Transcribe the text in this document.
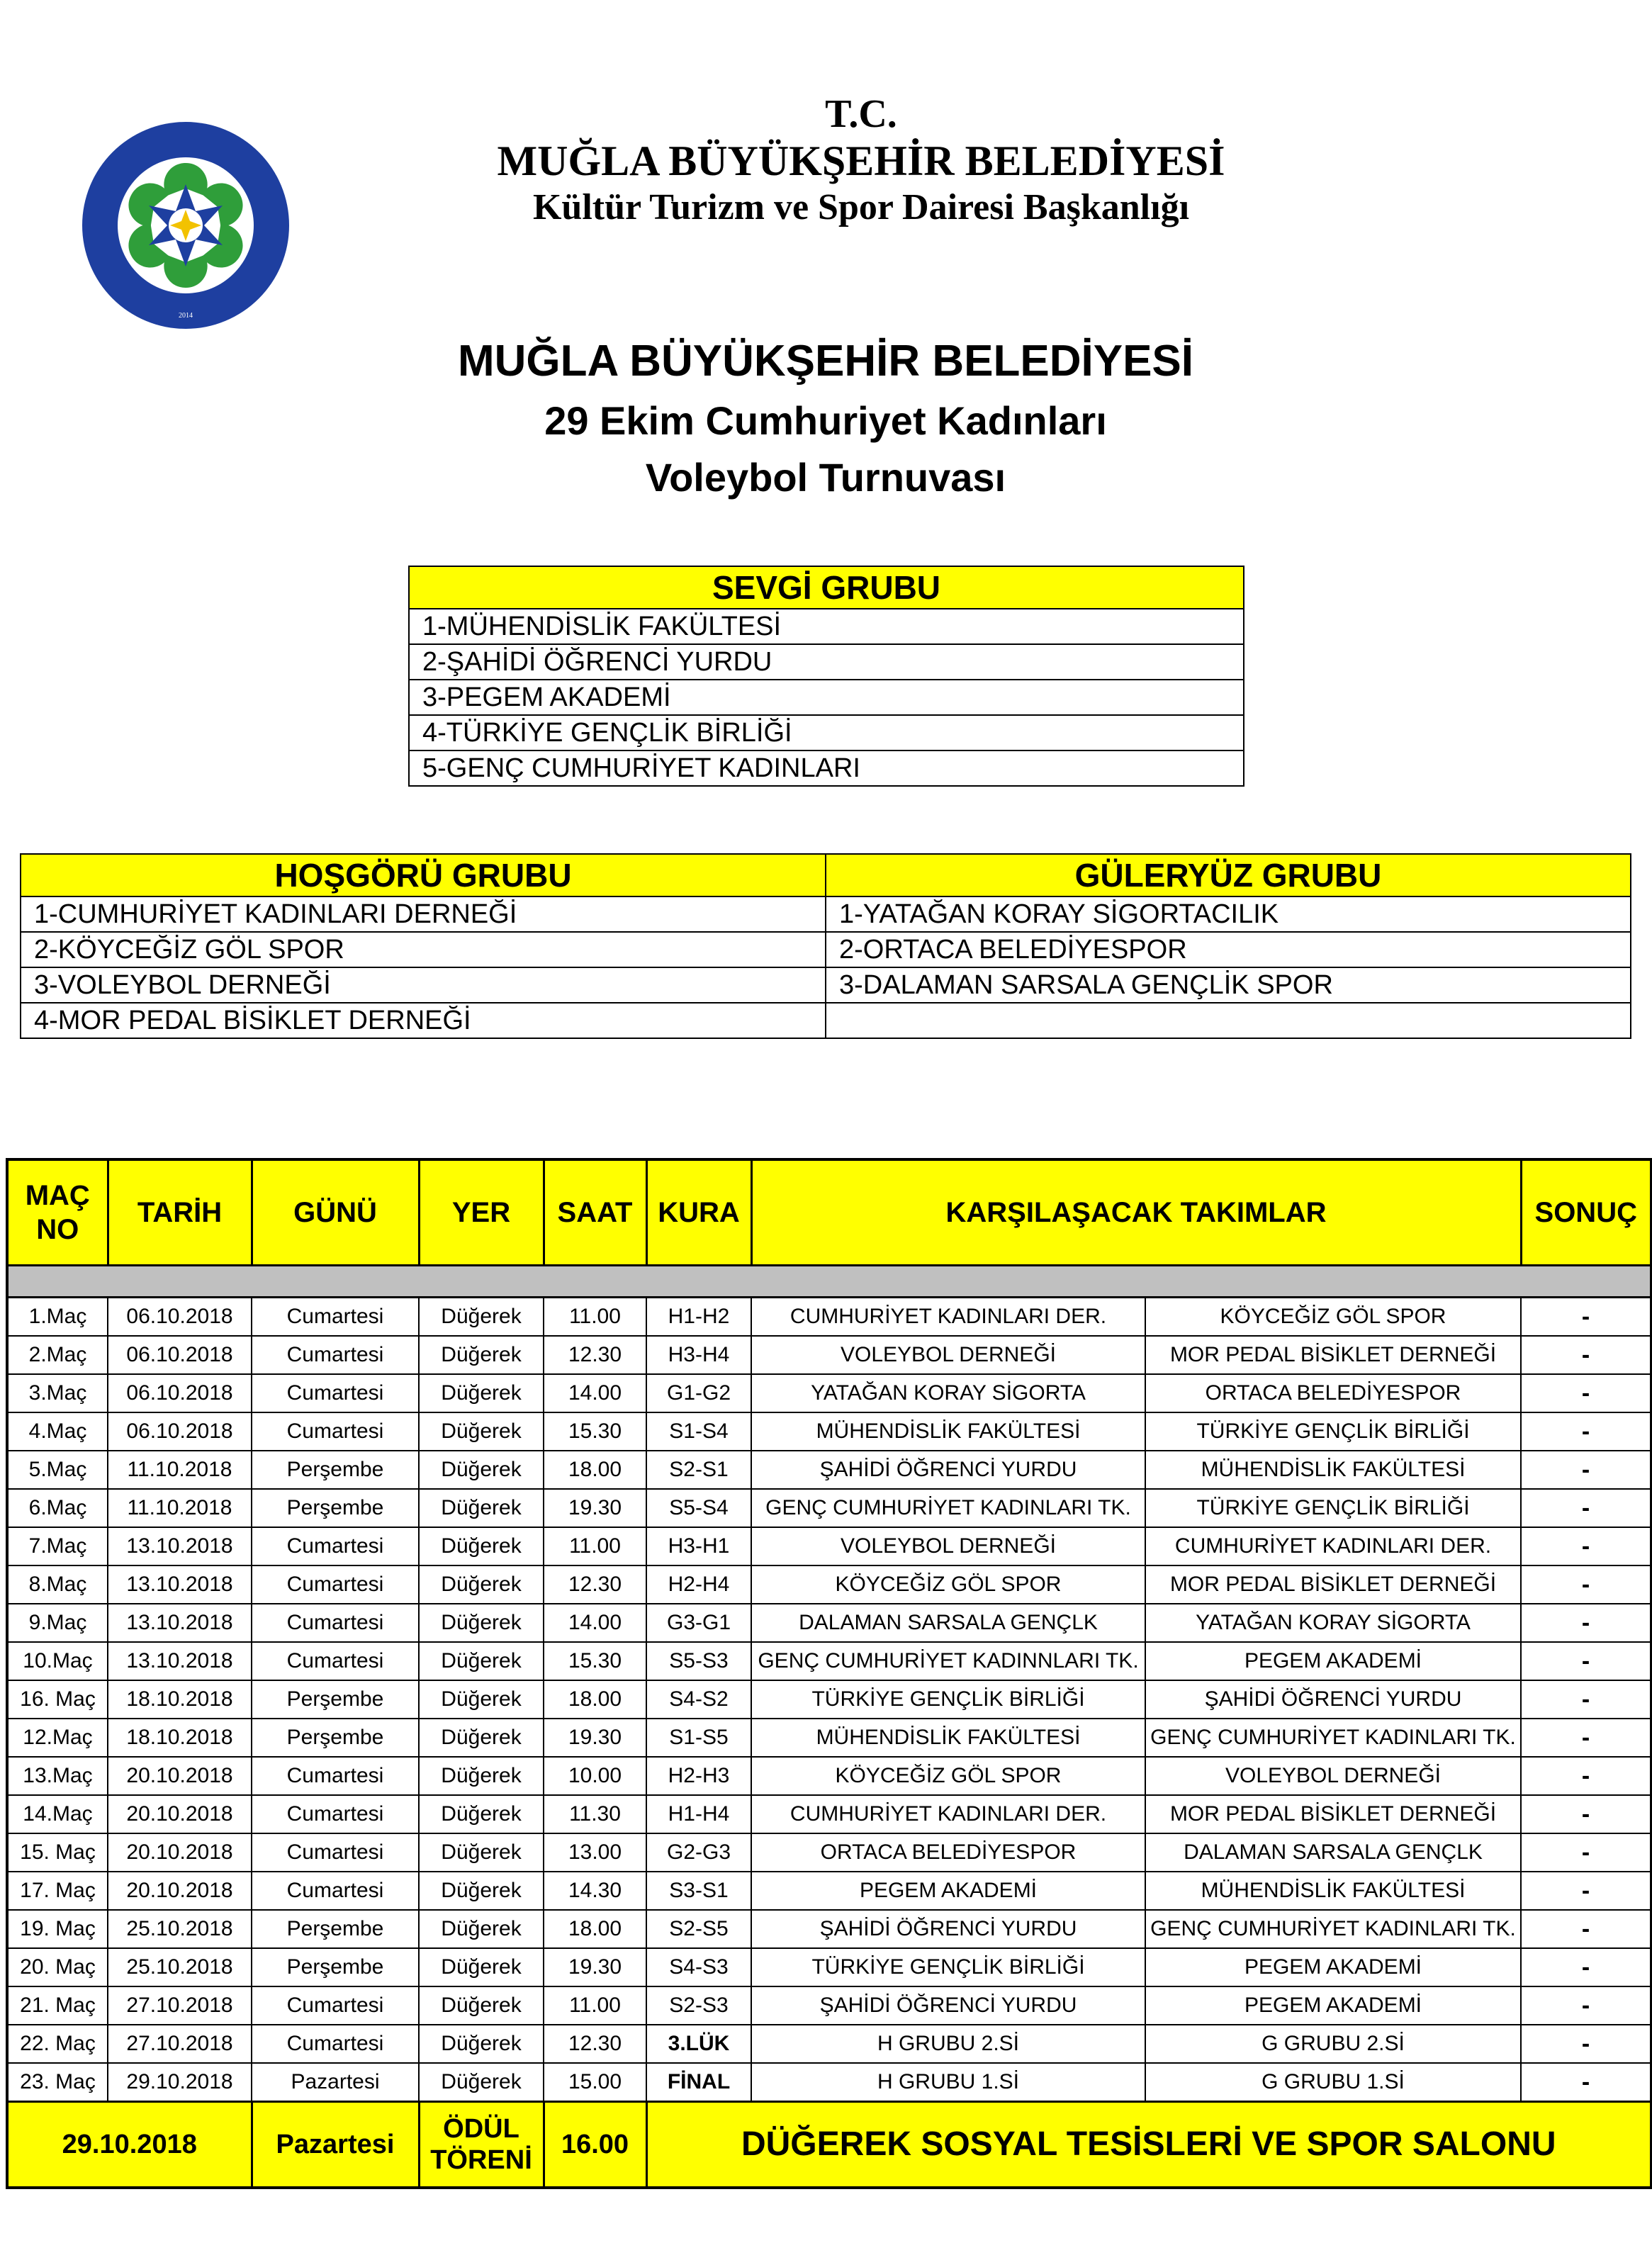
2014
T.C.
MUĞLA BÜYÜKŞEHİR BELEDİYESİ
Kültür Turizm ve Spor Dairesi Başkanlığı
MUĞLA BÜYÜKŞEHİR BELEDİYESİ
29 Ekim Cumhuriyet Kadınları
Voleybol Turnuvası
SEVGİ GRUBU
1-MÜHENDİSLİK FAKÜLTESİ
2-ŞAHİDİ ÖĞRENCİ YURDU
3-PEGEM AKADEMİ
4-TÜRKİYE GENÇLİK BİRLİĞİ
5-GENÇ CUMHURİYET KADINLARI
HOŞGÖRÜ GRUBU	GÜLERYÜZ GRUBU
1-CUMHURİYET KADINLARI DERNEĞİ	1-YATAĞAN KORAY SİGORTACILIK
2-KÖYCEĞİZ GÖL SPOR	2-ORTACA BELEDİYESPOR
3-VOLEYBOL DERNEĞİ	3-DALAMAN SARSALA GENÇLİK SPOR
4-MOR PEDAL BİSİKLET DERNEĞİ	
MAÇ NO	TARİH	GÜNÜ	YER	SAAT	KURA	KARŞILAŞACAK TAKIMLAR		SONUÇ

1.Maç	06.10.2018	Cumartesi	Düğerek	11.00	H1-H2	CUMHURİYET KADINLARI DER.	KÖYCEĞİZ GÖL SPOR	-
2.Maç	06.10.2018	Cumartesi	Düğerek	12.30	H3-H4	VOLEYBOL DERNEĞİ	MOR PEDAL BİSİKLET DERNEĞİ	-
3.Maç	06.10.2018	Cumartesi	Düğerek	14.00	G1-G2	YATAĞAN KORAY SİGORTA	ORTACA BELEDİYESPOR	-
4.Maç	06.10.2018	Cumartesi	Düğerek	15.30	S1-S4	MÜHENDİSLİK FAKÜLTESİ	TÜRKİYE GENÇLİK BİRLİĞİ	-
5.Maç	11.10.2018	Perşembe	Düğerek	18.00	S2-S1	ŞAHİDİ ÖĞRENCİ YURDU	MÜHENDİSLİK FAKÜLTESİ	-
6.Maç	11.10.2018	Perşembe	Düğerek	19.30	S5-S4	GENÇ CUMHURİYET KADINLARI TK.	TÜRKİYE GENÇLİK BİRLİĞİ	-
7.Maç	13.10.2018	Cumartesi	Düğerek	11.00	H3-H1	VOLEYBOL DERNEĞİ	CUMHURİYET KADINLARI DER.	-
8.Maç	13.10.2018	Cumartesi	Düğerek	12.30	H2-H4	KÖYCEĞİZ GÖL SPOR	MOR PEDAL BİSİKLET DERNEĞİ	-
9.Maç	13.10.2018	Cumartesi	Düğerek	14.00	G3-G1	DALAMAN SARSALA GENÇLK	YATAĞAN KORAY SİGORTA	-
10.Maç	13.10.2018	Cumartesi	Düğerek	15.30	S5-S3	GENÇ CUMHURİYET KADINNLARI TK.	PEGEM AKADEMİ	-
16. Maç	18.10.2018	Perşembe	Düğerek	18.00	S4-S2	TÜRKİYE GENÇLİK BİRLİĞİ	ŞAHİDİ ÖĞRENCİ YURDU	-
12.Maç	18.10.2018	Perşembe	Düğerek	19.30	S1-S5	MÜHENDİSLİK FAKÜLTESİ	GENÇ CUMHURİYET KADINLARI TK.	-
13.Maç	20.10.2018	Cumartesi	Düğerek	10.00	H2-H3	KÖYCEĞİZ GÖL SPOR	VOLEYBOL DERNEĞİ	-
14.Maç	20.10.2018	Cumartesi	Düğerek	11.30	H1-H4	CUMHURİYET KADINLARI DER.	MOR PEDAL BİSİKLET DERNEĞİ	-
15. Maç	20.10.2018	Cumartesi	Düğerek	13.00	G2-G3	ORTACA BELEDİYESPOR	DALAMAN SARSALA GENÇLK	-
17. Maç	20.10.2018	Cumartesi	Düğerek	14.30	S3-S1	PEGEM AKADEMİ	MÜHENDİSLİK FAKÜLTESİ	-
19. Maç	25.10.2018	Perşembe	Düğerek	18.00	S2-S5	ŞAHİDİ ÖĞRENCİ YURDU	GENÇ CUMHURİYET KADINLARI TK.	-
20. Maç	25.10.2018	Perşembe	Düğerek	19.30	S4-S3	TÜRKİYE GENÇLİK BİRLİĞİ	PEGEM AKADEMİ	-
21. Maç	27.10.2018	Cumartesi	Düğerek	11.00	S2-S3	ŞAHİDİ ÖĞRENCİ YURDU	PEGEM AKADEMİ	-
22. Maç	27.10.2018	Cumartesi	Düğerek	12.30	3.LÜK	H GRUBU 2.Sİ	G GRUBU 2.Sİ	-
23. Maç	29.10.2018	Pazartesi	Düğerek	15.00	FİNAL	H GRUBU 1.Sİ	G GRUBU 1.Sİ	-
29.10.2018		Pazartesi	ÖDÜL TÖRENİ	16.00	DÜĞEREK SOSYAL TESİSLERİ VE SPOR SALONU			
